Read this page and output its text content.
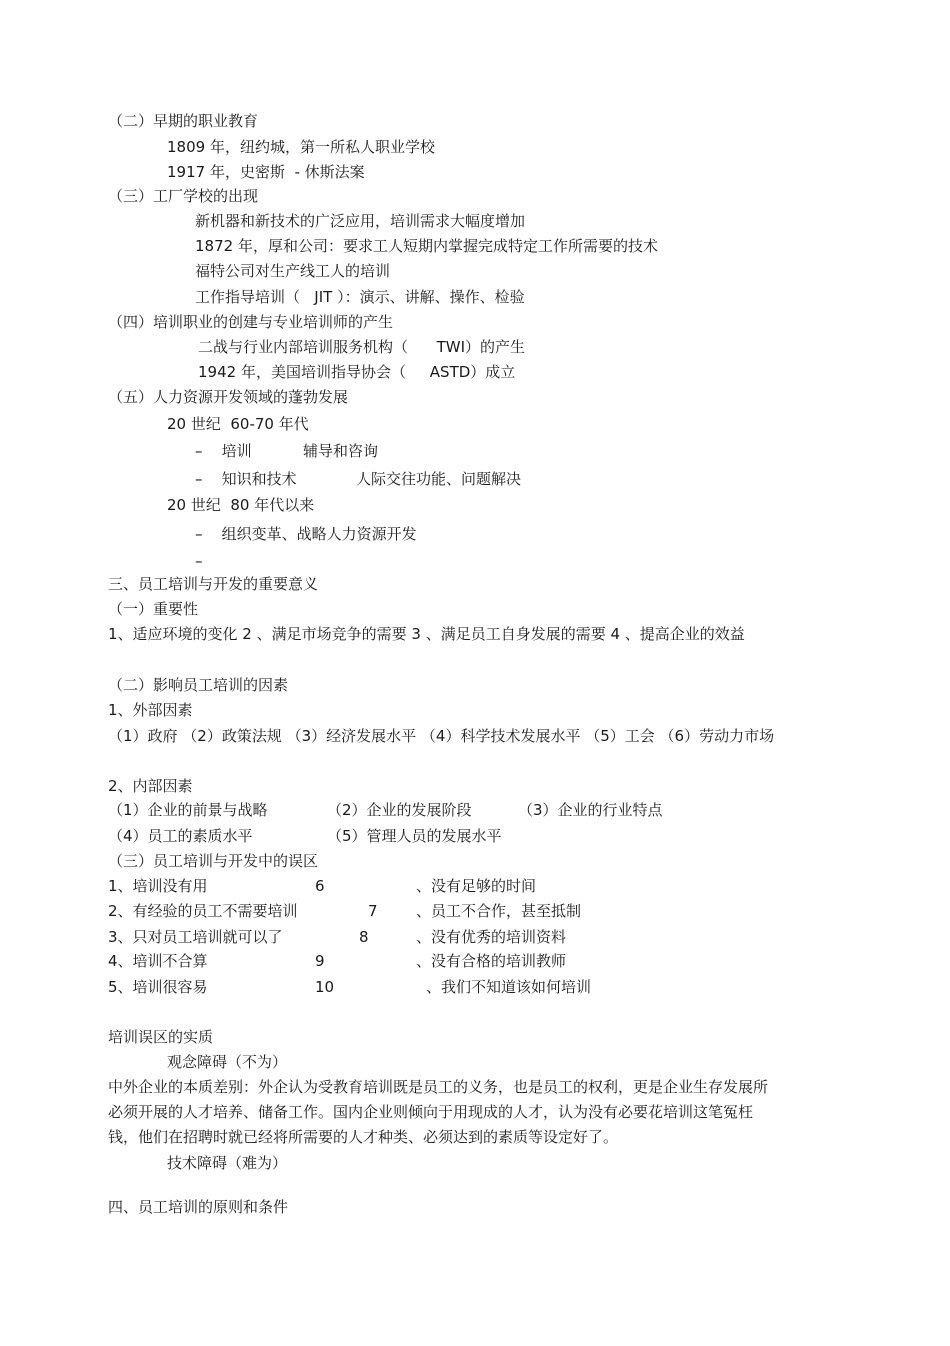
（二）早期的职业教育
1809 年，纽约城，第一所私人职业学校
1917 年，史密斯  - 休斯法案
（三）工厂学校的出现
新机器和新技术的广泛应用，培训需求大幅度增加
1872 年，厚和公司：要求工人短期内掌握完成特定工作所需要的技术
福特公司对生产线工人的培训
工作指导培训（   JIT ）：演示、讲解、操作、检验
（四）培训职业的创建与专业培训师的产生
二战与行业内部培训服务机构（      TWI）的产生
1942 年，美国培训指导协会（     ASTD）成立
（五）人力资源开发领域的蓬勃发展
20 世纪  60-70 年代
–    培训	辅导和咨询
–    知识和技术	人际交往功能、问题解决
20 世纪  80 年代以来
–    组织变革、战略人力资源开发
–
三、员工培训与开发的重要意义
（一）重要性
1、适应环境的变化 2 、满足市场竞争的需要 3 、满足员工自身发展的需要 4 、提高企业的效益
（二）影响员工培训的因素
1、外部因素
（1）政府 （2）政策法规 （3）经济发展水平 （4）科学技术发展水平 （5）工会 （6）劳动力市场
2、内部因素
（1）企业的前景与战略	（2）企业的发展阶段	（3）企业的行业特点
（4）员工的素质水平	（5）管理人员的发展水平
（三）员工培训与开发中的误区
1、培训没有用	6	、没有足够的时间
2、有经验的员工不需要培训	7	、员工不合作，甚至抵制
3、只对员工培训就可以了	8	、没有优秀的培训资料
4、培训不合算	9	、没有合格的培训教师
5、培训很容易	10	、我们不知道该如何培训
培训误区的实质
观念障碍（不为）
中外企业的本质差别：外企认为受教育培训既是员工的义务，也是员工的权利，更是企业生存发展所必须开展的人才培养、储备工作。国内企业则倾向于用现成的人才，认为没有必要花培训这笔冤枉钱，他们在招聘时就已经将所需要的人才种类、必须达到的素质等设定好了。
技术障碍（难为）
四、员工培训的原则和条件
